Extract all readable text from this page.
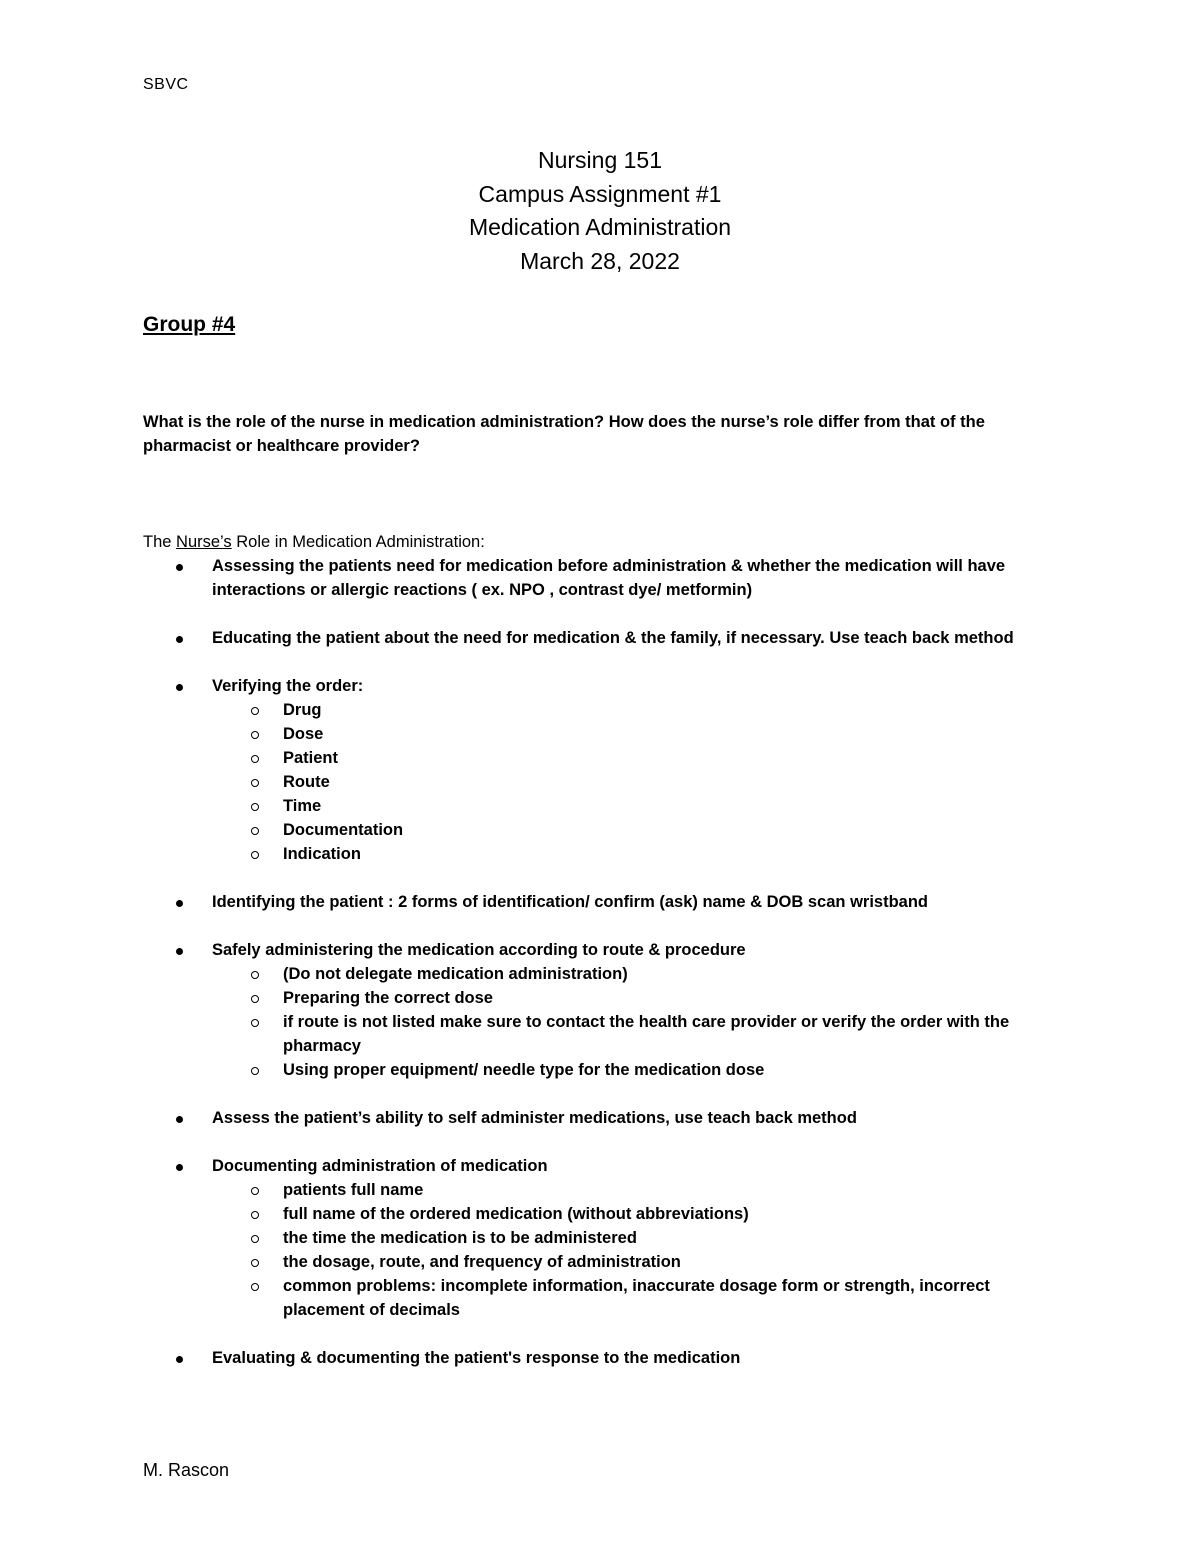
SBVC
Nursing 151
Campus Assignment #1
Medication Administration
March 28, 2022
Group #4
What is the role of the nurse in medication administration? How does the nurse’s role differ from that of the pharmacist or healthcare provider?
The Nurse’s Role in Medication Administration:
Assessing the patients need for medication before administration & whether the medication will have interactions or allergic reactions ( ex. NPO , contrast dye/ metformin)
Educating the patient about the need for medication & the family, if necessary. Use teach back method
Verifying the order:
Drug
Dose
Patient
Route
Time
Documentation
Indication
Identifying the patient : 2 forms of identification/ confirm (ask) name & DOB scan wristband
Safely administering the medication according to route & procedure
(Do not delegate medication administration)
Preparing the correct dose
if route is not listed make sure to contact the health care provider or verify the order with the pharmacy
Using proper equipment/ needle type for the medication dose
Assess the patient’s ability to self administer medications, use teach back method
Documenting administration of medication
patients full name
full name of the ordered medication (without abbreviations)
the time the medication is to be administered
the dosage, route, and frequency of administration
common problems: incomplete information, inaccurate dosage form or strength, incorrect placement of decimals
Evaluating & documenting the patient's response to the medication
M. Rascon
